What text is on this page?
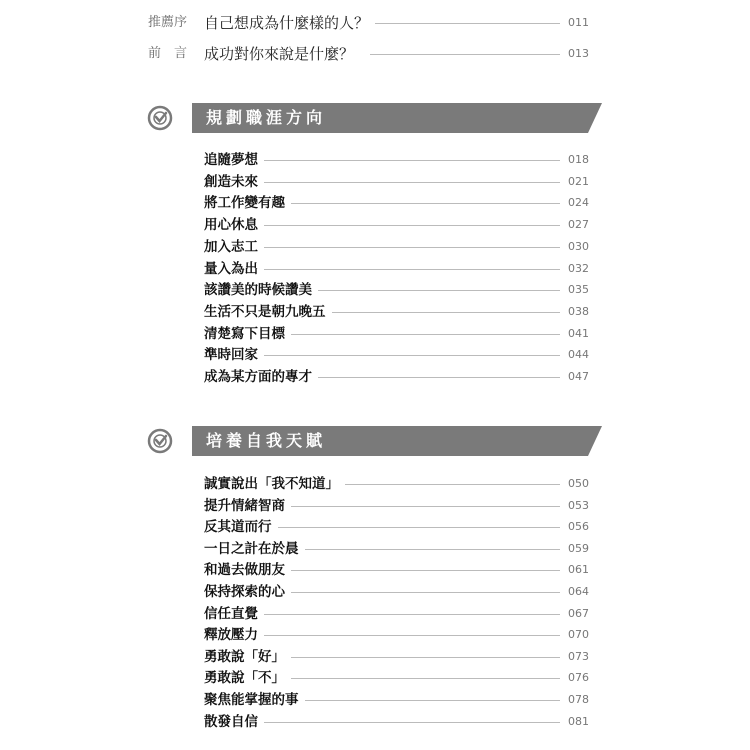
推薦序	自己想成為什麼樣的人？	011
前　言	成功對你來說是什麼？	013
規劃職涯方向
追隨夢想	018
創造未來	021
將工作變有趣	024
用心休息	027
加入志工	030
量入為出	032
該讚美的時候讚美	035
生活不只是朝九晚五	038
清楚寫下目標	041
準時回家	044
成為某方面的專才	047
培養自我天賦
誠實說出「我不知道」	050
提升情緒智商	053
反其道而行	056
一日之計在於晨	059
和過去做朋友	061
保持探索的心	064
信任直覺	067
釋放壓力	070
勇敢說「好」	073
勇敢說「不」	076
聚焦能掌握的事	078
散發自信	081
